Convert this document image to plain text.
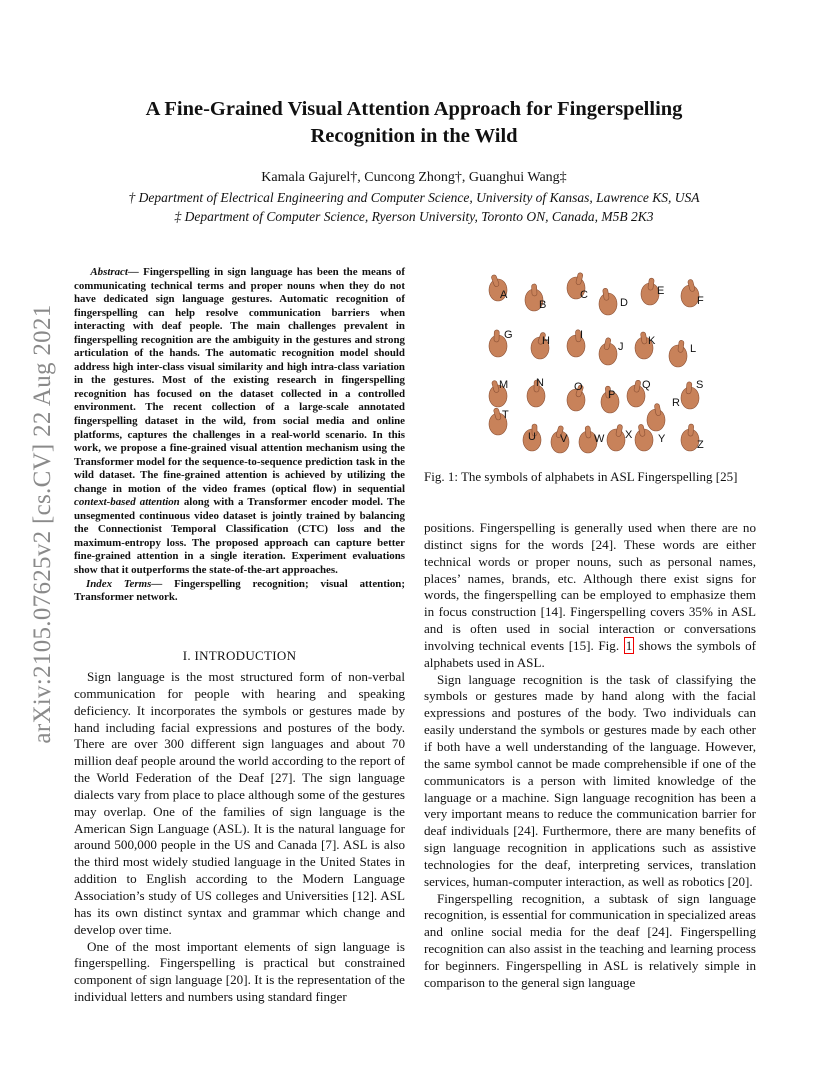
arXiv:2105.07625v2 [cs.CV] 22 Aug 2021
A Fine-Grained Visual Attention Approach for Fingerspelling
Recognition in the Wild
Kamala Gajurel†, Cuncong Zhong†, Guanghui Wang‡
† Department of Electrical Engineering and Computer Science, University of Kansas, Lawrence KS, USA
‡ Department of Computer Science, Ryerson University, Toronto ON, Canada, M5B 2K3
Abstract— Fingerspelling in sign language has been the means of communicating technical terms and proper nouns when they do not have dedicated sign language gestures. Automatic recognition of fingerspelling can help resolve communication barriers when interacting with deaf people. The main challenges prevalent in fingerspelling recognition are the ambiguity in the gestures and strong articulation of the hands. The automatic recognition model should address high inter-class visual similarity and high intra-class variation in the gestures. Most of the existing research in fingerspelling recognition has focused on the dataset collected in a controlled environment. The recent collection of a large-scale annotated fingerspelling dataset in the wild, from social media and online platforms, captures the challenges in a real-world scenario. In this work, we propose a fine-grained visual attention mechanism using the Transformer model for the sequence-to-sequence prediction task in the wild dataset. The fine-grained attention is achieved by utilizing the change in motion of the video frames (optical flow) in sequential context-based attention along with a Transformer encoder model. The unsegmented continuous video dataset is jointly trained by balancing the Connectionist Temporal Classification (CTC) loss and the maximum-entropy loss. The proposed approach can capture better fine-grained attention in a single iteration. Experiment evaluations show that it outperforms the state-of-the-art approaches.
Index Terms— Fingerspelling recognition; visual attention; Transformer network.
I. INTRODUCTION

Sign language is the most structured form of non-verbal communication for people with hearing and speaking deficiency. It incorporates the symbols or gestures made by hand including facial expressions and postures of the body. There are over 300 different sign languages and about 70 million deaf people around the world according to the report of the World Federation of the Deaf [27]. The sign language dialects vary from place to place although some of the gestures may overlap. One of the families of sign language is the American Sign Language (ASL). It is the natural language for around 500,000 people in the US and Canada [7]. ASL is also the third most widely studied language in the United States in addition to English according to the Modern Language Association’s study of US colleges and Universities [12]. ASL has its own distinct syntax and grammar which change and develop over time.

One of the most important elements of sign language is fingerspelling. Fingerspelling is practical but constrained component of sign language [20]. It is the representation of the individual letters and numbers using standard finger

A
B
C
D
E
F
G	H	I
J K
L
M	N	O
P
Q
R
S
T
U V W X Y	Z
Fig. 1: The symbols of alphabets in ASL Fingerspelling [25]

positions. Fingerspelling is generally used when there are no distinct signs for the words [24]. These words are either technical words or proper nouns, such as personal names, places’ names, brands, etc. Although there exist signs for words, the fingerspelling can be employed to emphasize them in focus construction [14]. Fingerspelling covers 35% in ASL and is often used in social interaction or conversations involving technical events [15]. Fig. 1 shows the symbols of alphabets used in ASL.

Sign language recognition is the task of classifying the symbols or gestures made by hand along with the facial expressions and postures of the body. Two individuals can easily understand the symbols or gestures made by each other if both have a well understanding of the language. However, the same symbol cannot be made comprehensible if one of the communicators is a person with limited knowledge of the language or a machine. Sign language recognition has been a very important means to reduce the communication barrier for deaf individuals [24]. Furthermore, there are many benefits of sign language recognition in applications such as assistive technologies for the deaf, interpreting services, translation services, human-computer interaction, as well as robotics [20].

Fingerspelling recognition, a subtask of sign language recognition, is essential for communication in specialized areas and online social media for the deaf [24]. Fingerspelling recognition can also assist in the teaching and learning process for beginners. Fingerspelling in ASL is relatively simple in comparison to the general sign language
